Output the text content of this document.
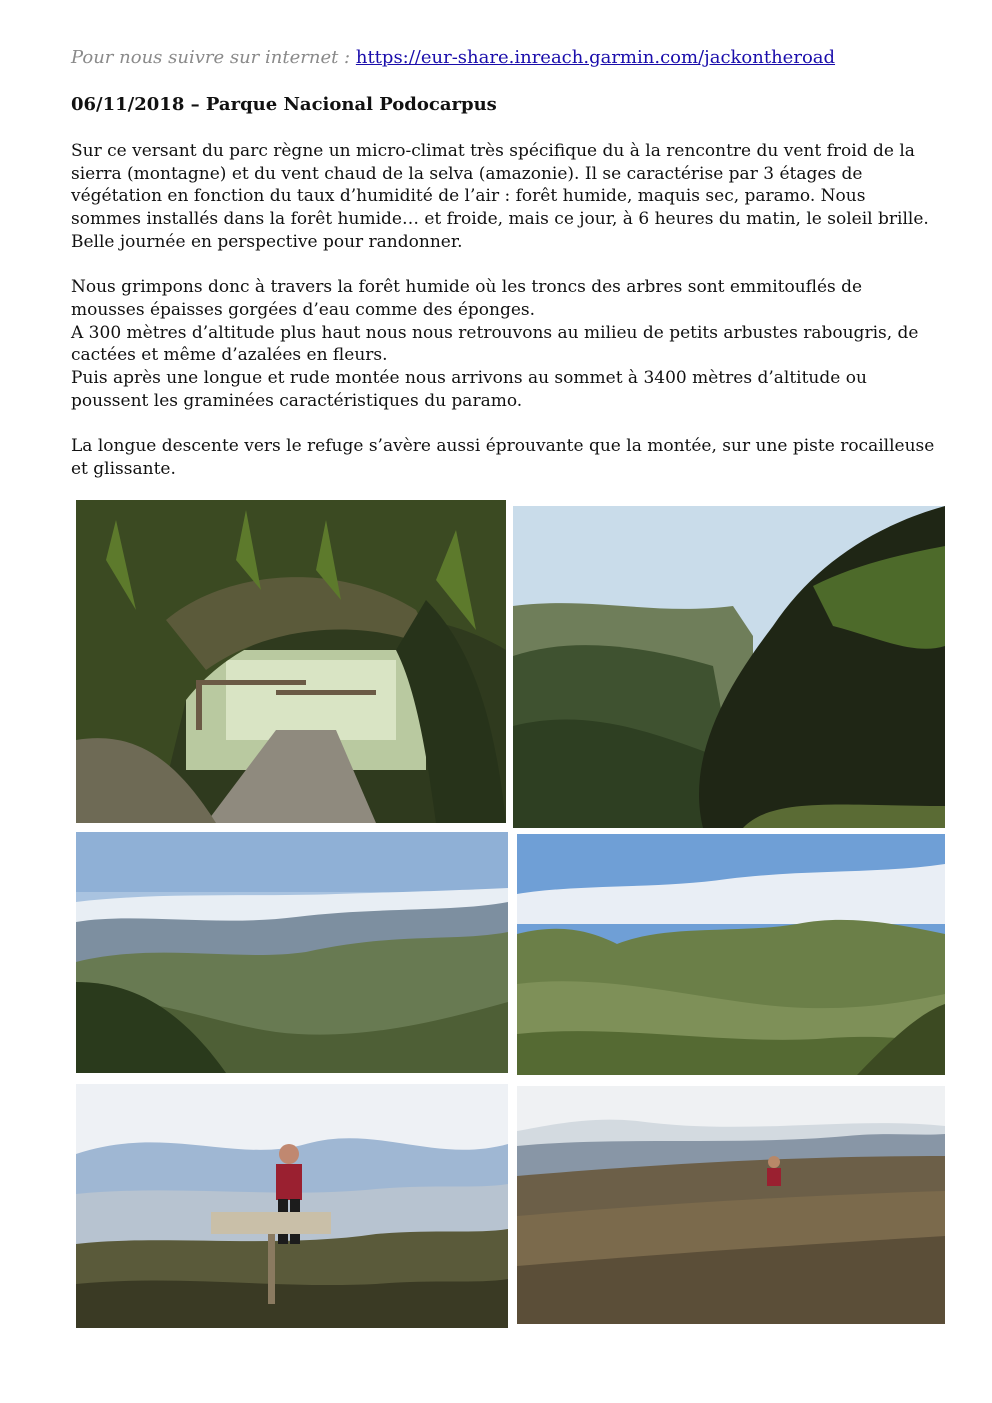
Pour nous suivre sur internet : https://eur-share.inreach.garmin.com/jackontheroad
06/11/2018 – Parque Nacional Podocarpus

Sur ce versant du parc règne un micro-climat très spécifique du à la rencontre du vent froid de la
sierra (montagne) et du vent chaud de la selva (amazonie). Il se caractérise par 3 étages de
végétation en fonction du taux d’humidité de l’air : forêt humide, maquis sec, paramo. Nous
sommes installés dans la forêt humide… et froide, mais ce jour, à 6 heures du matin, le soleil brille.
Belle journée en perspective pour randonner.

Nous grimpons donc à travers la forêt humide où les troncs des arbres sont emmitouflés de
mousses épaisses gorgées d’eau comme des éponges.
A 300 mètres d’altitude plus haut nous nous retrouvons au milieu de petits arbustes rabougris, de
cactées et même d’azalées en fleurs.
Puis après une longue et rude montée nous arrivons au sommet à 3400 mètres d’altitude ou
poussent les graminées caractéristiques du paramo.

La longue descente vers le refuge s’avère aussi éprouvante que la montée, sur une piste rocailleuse
et glissante.
